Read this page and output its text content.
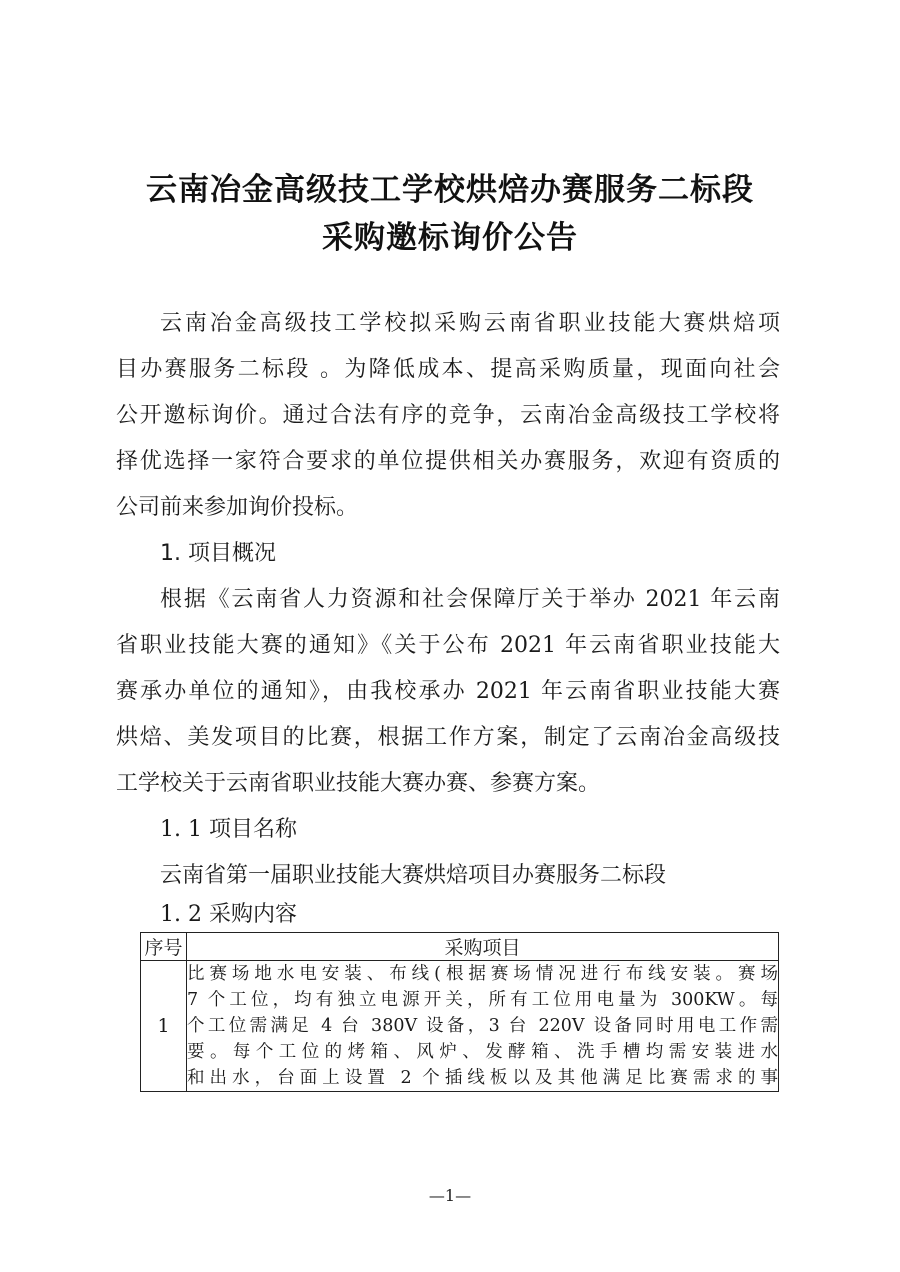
云南冶金高级技工学校烘焙办赛服务二标段
采购邀标询价公告
云南冶金高级技工学校拟采购云南省职业技能大赛烘焙项
目办赛服务二标段 。为降低成本、提高采购质量，现面向社会
公开邀标询价。通过合法有序的竞争，云南冶金高级技工学校将
择优选择一家符合要求的单位提供相关办赛服务，欢迎有资质的
公司前来参加询价投标。
1. 项目概况
根据《云南省人力资源和社会保障厅关于举办 2021 年云南
省职业技能大赛的通知》《关于公布 2021 年云南省职业技能大
赛承办单位的通知》，由我校承办 2021 年云南省职业技能大赛
烘焙、美发项目的比赛，根据工作方案，制定了云南冶金高级技
工学校关于云南省职业技能大赛办赛、参赛方案。
1. 1 项目名称
云南省第一届职业技能大赛烘焙项目办赛服务二标段
1. 2 采购内容
序号	采购项目
1	比赛场地水电安装、布线(根据赛场情况进行布线安装。赛场
7 个工位，均有独立电源开关，所有工位用电量为 300KW。每
个工位需满足 4 台 380V 设备，3 台 220V 设备同时用电工作需
要。每个工位的烤箱、风炉、发酵箱、洗手槽均需安装进水
和出水，台面上设置 2 个插线板以及其他满足比赛需求的事
—1—
